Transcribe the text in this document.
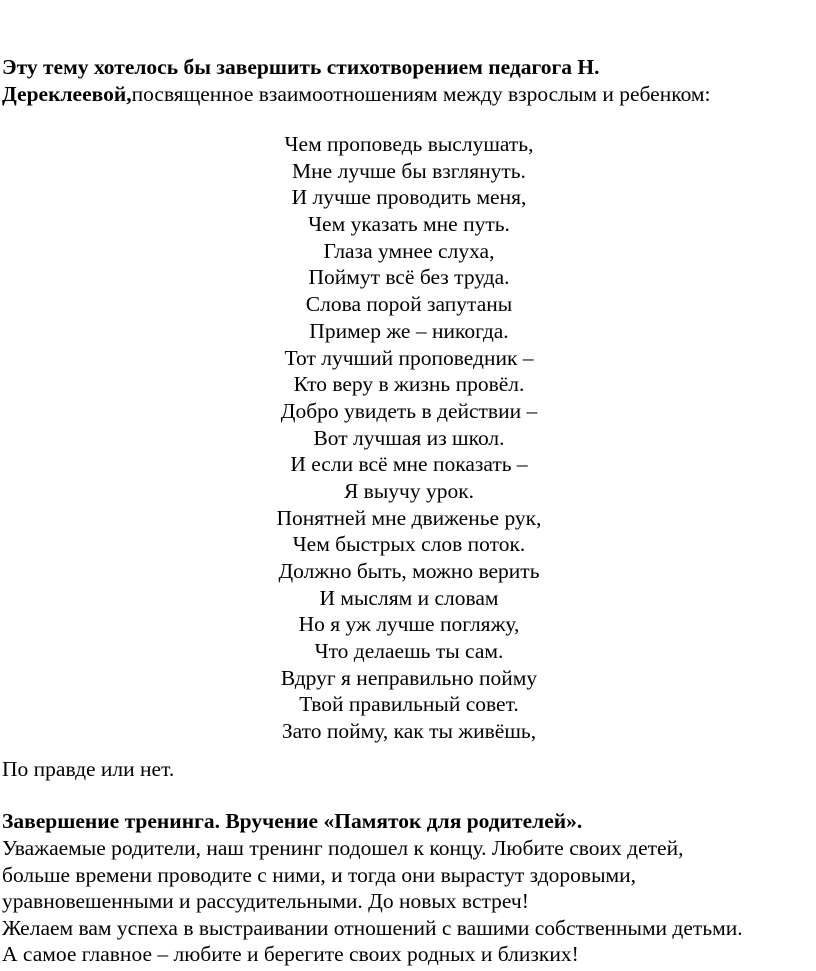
Эту тему хотелось бы завершить стихотворением педагога Н. Дереклеевой,посвященное взаимоотношениям между взрослым и ребенком:

Чем проповедь выслушать,
Мне лучше бы взглянуть.
И лучше проводить меня,
Чем указать мне путь.
Глаза умнее слуха,
Поймут всё без труда.
Слова порой запутаны
Пример же – никогда.
Тот лучший проповедник –
Кто веру в жизнь провёл.
Добро увидеть в действии –
Вот лучшая из школ.
И если всё мне показать –
Я выучу урок.
Понятней мне движенье рук,
Чем быстрых слов поток.
Должно быть, можно верить
И мыслям и словам
Но я уж лучше погляжу,
Что делаешь ты сам.
Вдруг я неправильно пойму
Твой правильный совет.
Зато пойму, как ты живёшь,

По правде или нет.

Завершение тренинга. Вручение «Памяток для родителей».

Уважаемые родители, наш тренинг подошел к концу. Любите своих детей,
больше времени проводите с ними, и тогда они вырастут здоровыми,
уравновешенными и рассудительными. До новых встреч!
Желаем вам успеха в выстраивании отношений с вашими собственными детьми.
А самое главное – любите и берегите своих родных и близких!
